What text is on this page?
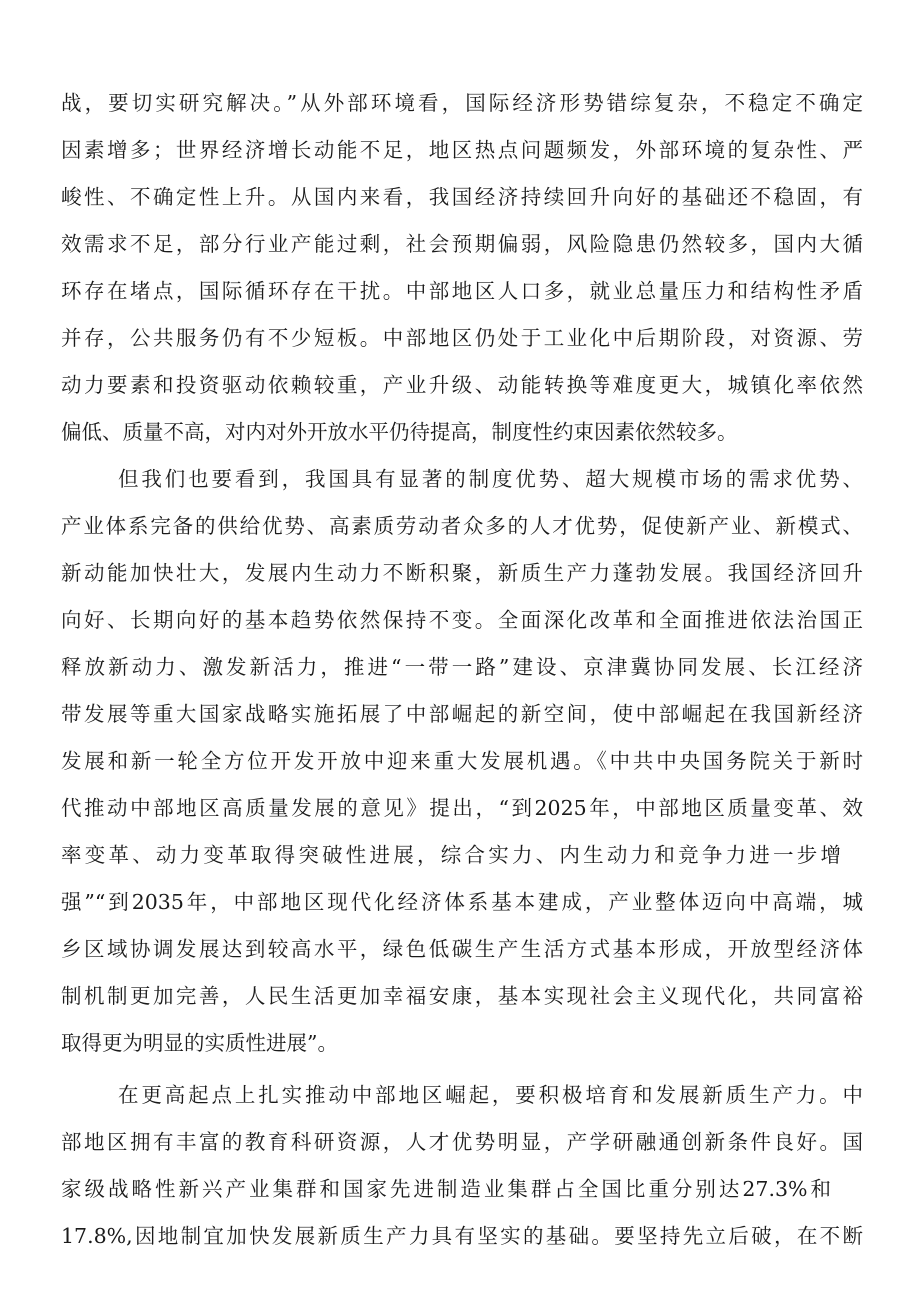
战，要切实研究解决。”从外部环境看，国际经济形势错综复杂，不稳定不确定

因素增多；世界经济增长动能不足，地区热点问题频发，外部环境的复杂性、严

峻性、不确定性上升。从国内来看，我国经济持续回升向好的基础还不稳固，有

效需求不足，部分行业产能过剩，社会预期偏弱，风险隐患仍然较多，国内大循

环存在堵点，国际循环存在干扰。中部地区人口多，就业总量压力和结构性矛盾

并存，公共服务仍有不少短板。中部地区仍处于工业化中后期阶段，对资源、劳

动力要素和投资驱动依赖较重，产业升级、动能转换等难度更大，城镇化率依然

偏低、质量不高，对内对外开放水平仍待提高，制度性约束因素依然较多。

但我们也要看到，我国具有显著的制度优势、超大规模市场的需求优势、

产业体系完备的供给优势、高素质劳动者众多的人才优势，促使新产业、新模式、

新动能加快壮大，发展内生动力不断积聚，新质生产力蓬勃发展。我国经济回升

向好、长期向好的基本趋势依然保持不变。全面深化改革和全面推进依法治国正

释放新动力、激发新活力，推进“一带一路”建设、京津冀协同发展、长江经济

带发展等重大国家战略实施拓展了中部崛起的新空间，使中部崛起在我国新经济

发展和新一轮全方位开发开放中迎来重大发展机遇。《中共中央国务院关于新时

代推动中部地区高质量发展的意见》提出，“到2025年，中部地区质量变革、效

率变革、动力变革取得突破性进展，综合实力、内生动力和竞争力进一步增

强”“到2035年，中部地区现代化经济体系基本建成，产业整体迈向中高端，城

乡区域协调发展达到较高水平，绿色低碳生产生活方式基本形成，开放型经济体

制机制更加完善，人民生活更加幸福安康，基本实现社会主义现代化，共同富裕

取得更为明显的实质性进展”。

在更高起点上扎实推动中部地区崛起，要积极培育和发展新质生产力。中

部地区拥有丰富的教育科研资源，人才优势明显，产学研融通创新条件良好。国

家级战略性新兴产业集群和国家先进制造业集群占全国比重分别达27.3%和

17.8%,因地制宜加快发展新质生产力具有坚实的基础。要坚持先立后破，在不断
